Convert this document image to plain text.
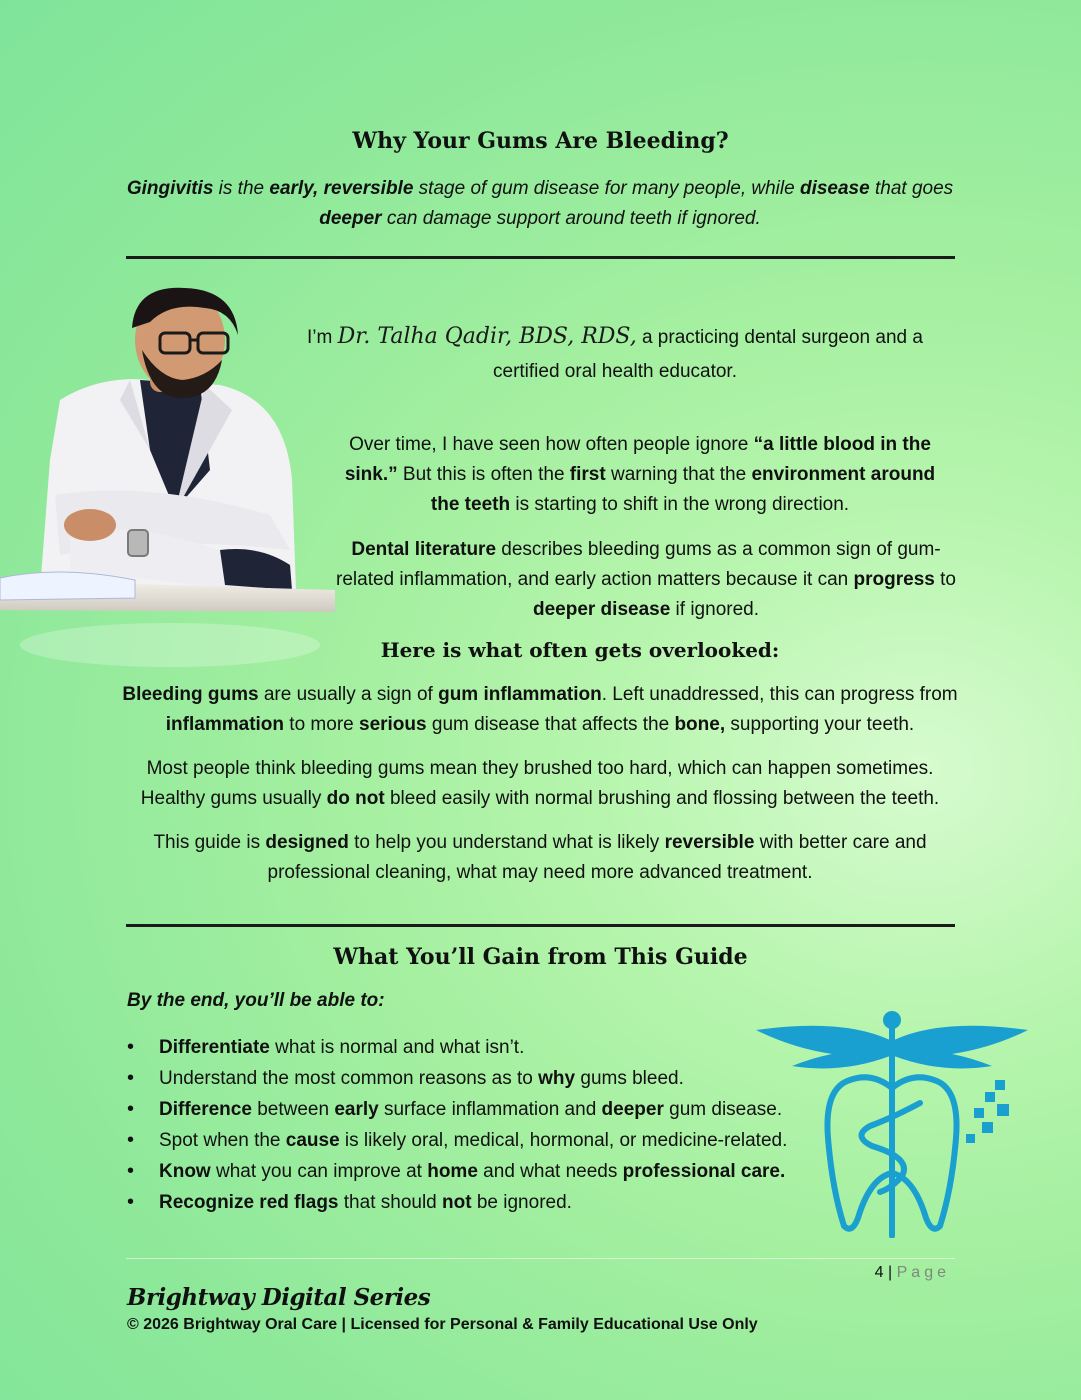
Why Your Gums Are Bleeding?

Gingivitis is the early, reversible stage of gum disease for many people, while disease that goes deeper can damage support around teeth if ignored.

I’m Dr. Talha Qadir, BDS, RDS, a practicing dental surgeon and a certified oral health educator.

Over time, I have seen how often people ignore “a little blood in the sink.” But this is often the first warning that the environment around the teeth is starting to shift in the wrong direction.

Dental literature describes bleeding gums as a common sign of gum-related inflammation, and early action matters because it can progress to deeper disease if ignored.

Here is what often gets overlooked:

Bleeding gums are usually a sign of gum inflammation. Left unaddressed, this can progress from inflammation to more serious gum disease that affects the bone, supporting your teeth.

Most people think bleeding gums mean they brushed too hard, which can happen sometimes. Healthy gums usually do not bleed easily with normal brushing and flossing between the teeth.

This guide is designed to help you understand what is likely reversible with better care and professional cleaning, what may need more advanced treatment.

What You’ll Gain from This Guide
By the end, you’ll be able to:
• Differentiate what is normal and what isn’t.
• Understand the most common reasons as to why gums bleed.
• Difference between early surface inflammation and deeper gum disease.
• Spot when the cause is likely oral, medical, hormonal, or medicine-related.
• Know what you can improve at home and what needs professional care.
• Recognize red flags that should not be ignored.
4 | Page
Brightway Digital Series
© 2026 Brightway Oral Care | Licensed for Personal & Family Educational Use Only
